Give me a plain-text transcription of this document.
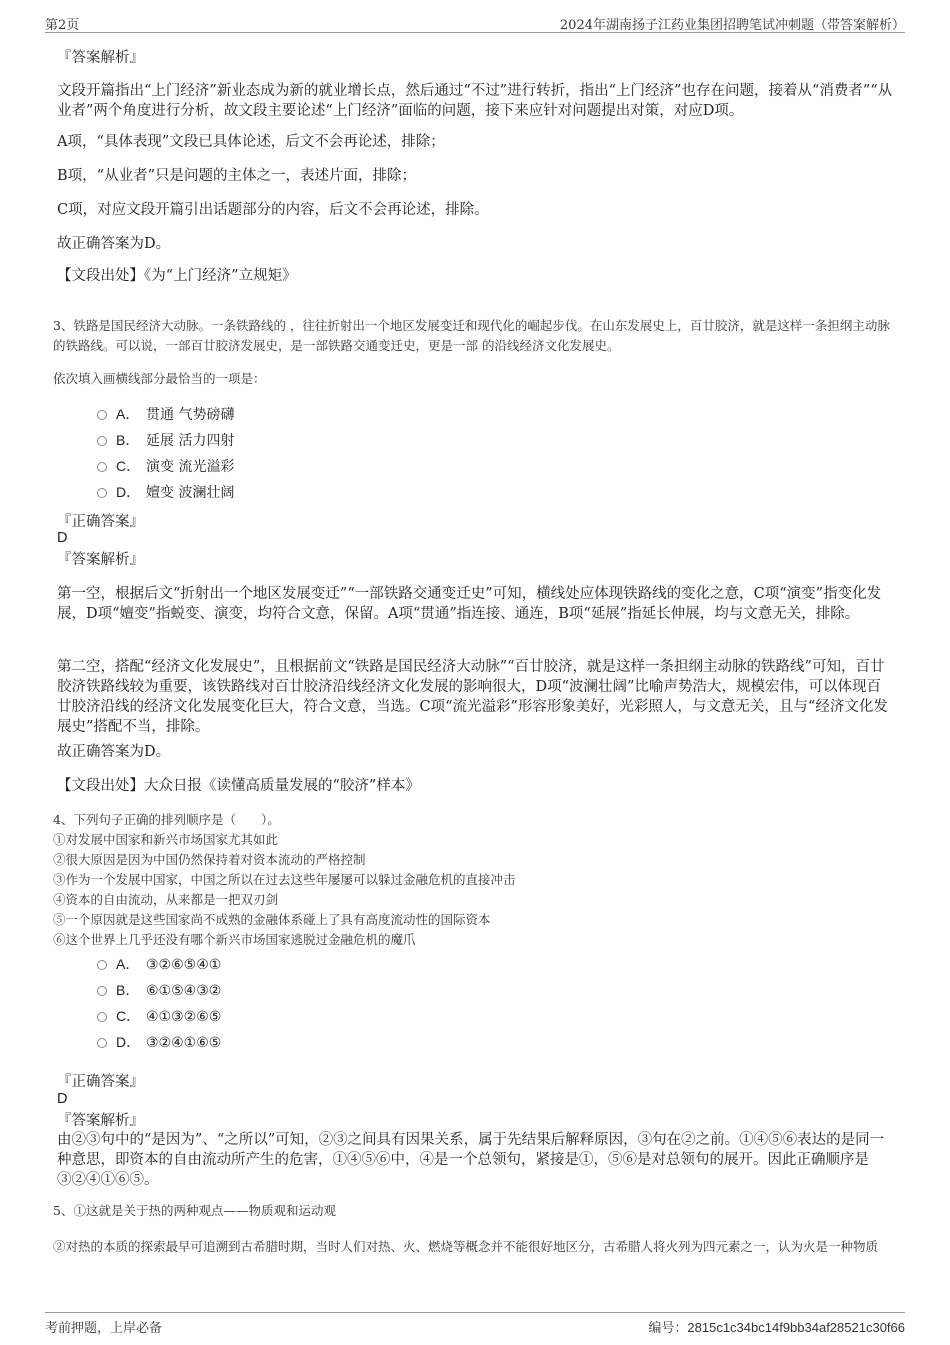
第2页	2024年湖南扬子江药业集团招聘笔试冲刺题（带答案解析）
『答案解析』
文段开篇指出“上门经济”新业态成为新的就业增长点，然后通过“不过”进行转折，指出“上门经济”也存在问题，接着从“消费者”“从业者”两个角度进行分析，故文段主要论述“上门经济”面临的问题，接下来应针对问题提出对策，对应D项。
A项，“具体表现”文段已具体论述，后文不会再论述，排除；
B项，“从业者”只是问题的主体之一，表述片面，排除；
C项，对应文段开篇引出话题部分的内容，后文不会再论述，排除。
故正确答案为D。
【文段出处】《为“上门经济”立规矩》
3、铁路是国民经济大动脉。一条铁路线的 ，往往折射出一个地区发展变迁和现代化的崛起步伐。在山东发展史上，百廿胶济，就是这样一条担纲主动脉的铁路线。可以说，一部百廿胶济发展史，是一部铁路交通变迁史，更是一部 的沿线经济文化发展史。
依次填入画横线部分最恰当的一项是：
A． 贯通 气势磅礴
B． 延展 活力四射
C． 演变 流光溢彩
D． 嬗变 波澜壮阔
『正确答案』
D
『答案解析』
第一空，根据后文“折射出一个地区发展变迁”“一部铁路交通变迁史”可知，横线处应体现铁路线的变化之意，C项“演变”指变化发展，D项“嬗变”指蜕变、演变，均符合文意，保留。A项“贯通”指连接、通连，B项“延展”指延长伸展，均与文意无关，排除。
第二空，搭配“经济文化发展史”，且根据前文“铁路是国民经济大动脉”“百廿胶济，就是这样一条担纲主动脉的铁路线”可知，百廿胶济铁路线较为重要，该铁路线对百廿胶济沿线经济文化发展的影响很大，D项“波澜壮阔”比喻声势浩大，规模宏伟，可以体现百廿胶济沿线的经济文化发展变化巨大，符合文意，当选。C项“流光溢彩”形容形象美好，光彩照人，与文意无关，且与“经济文化发展史”搭配不当，排除。
故正确答案为D。
【文段出处】大众日报《读懂高质量发展的“胶济”样本》
4、下列句子正确的排列顺序是（　　）。
①对发展中国家和新兴市场国家尤其如此
②很大原因是因为中国仍然保持着对资本流动的严格控制
③作为一个发展中国家，中国之所以在过去这些年屡屡可以躲过金融危机的直接冲击
④资本的自由流动，从来都是一把双刃剑
⑤一个原因就是这些国家尚不成熟的金融体系碰上了具有高度流动性的国际资本
⑥这个世界上几乎还没有哪个新兴市场国家逃脱过金融危机的魔爪
A． ③②⑥⑤④①
B． ⑥①⑤④③②
C． ④①③②⑥⑤
D． ③②④①⑥⑤
『正确答案』
D
『答案解析』
由②③句中的“是因为”、“之所以”可知，②③之间具有因果关系，属于先结果后解释原因，③句在②之前。①④⑤⑥表达的是同一种意思，即资本的自由流动所产生的危害，①④⑤⑥中，④是一个总领句，紧接是①，⑤⑥是对总领句的展开。因此正确顺序是③②④①⑥⑤。
5、①这就是关于热的两种观点——物质观和运动观
②对热的本质的探索最早可追溯到古希腊时期，当时人们对热、火、燃烧等概念并不能很好地区分，古希腊人将火列为四元素之一，认为火是一种物质
考前押题，上岸必备	编号：2815c1c34bc14f9bb34af28521c30f66
